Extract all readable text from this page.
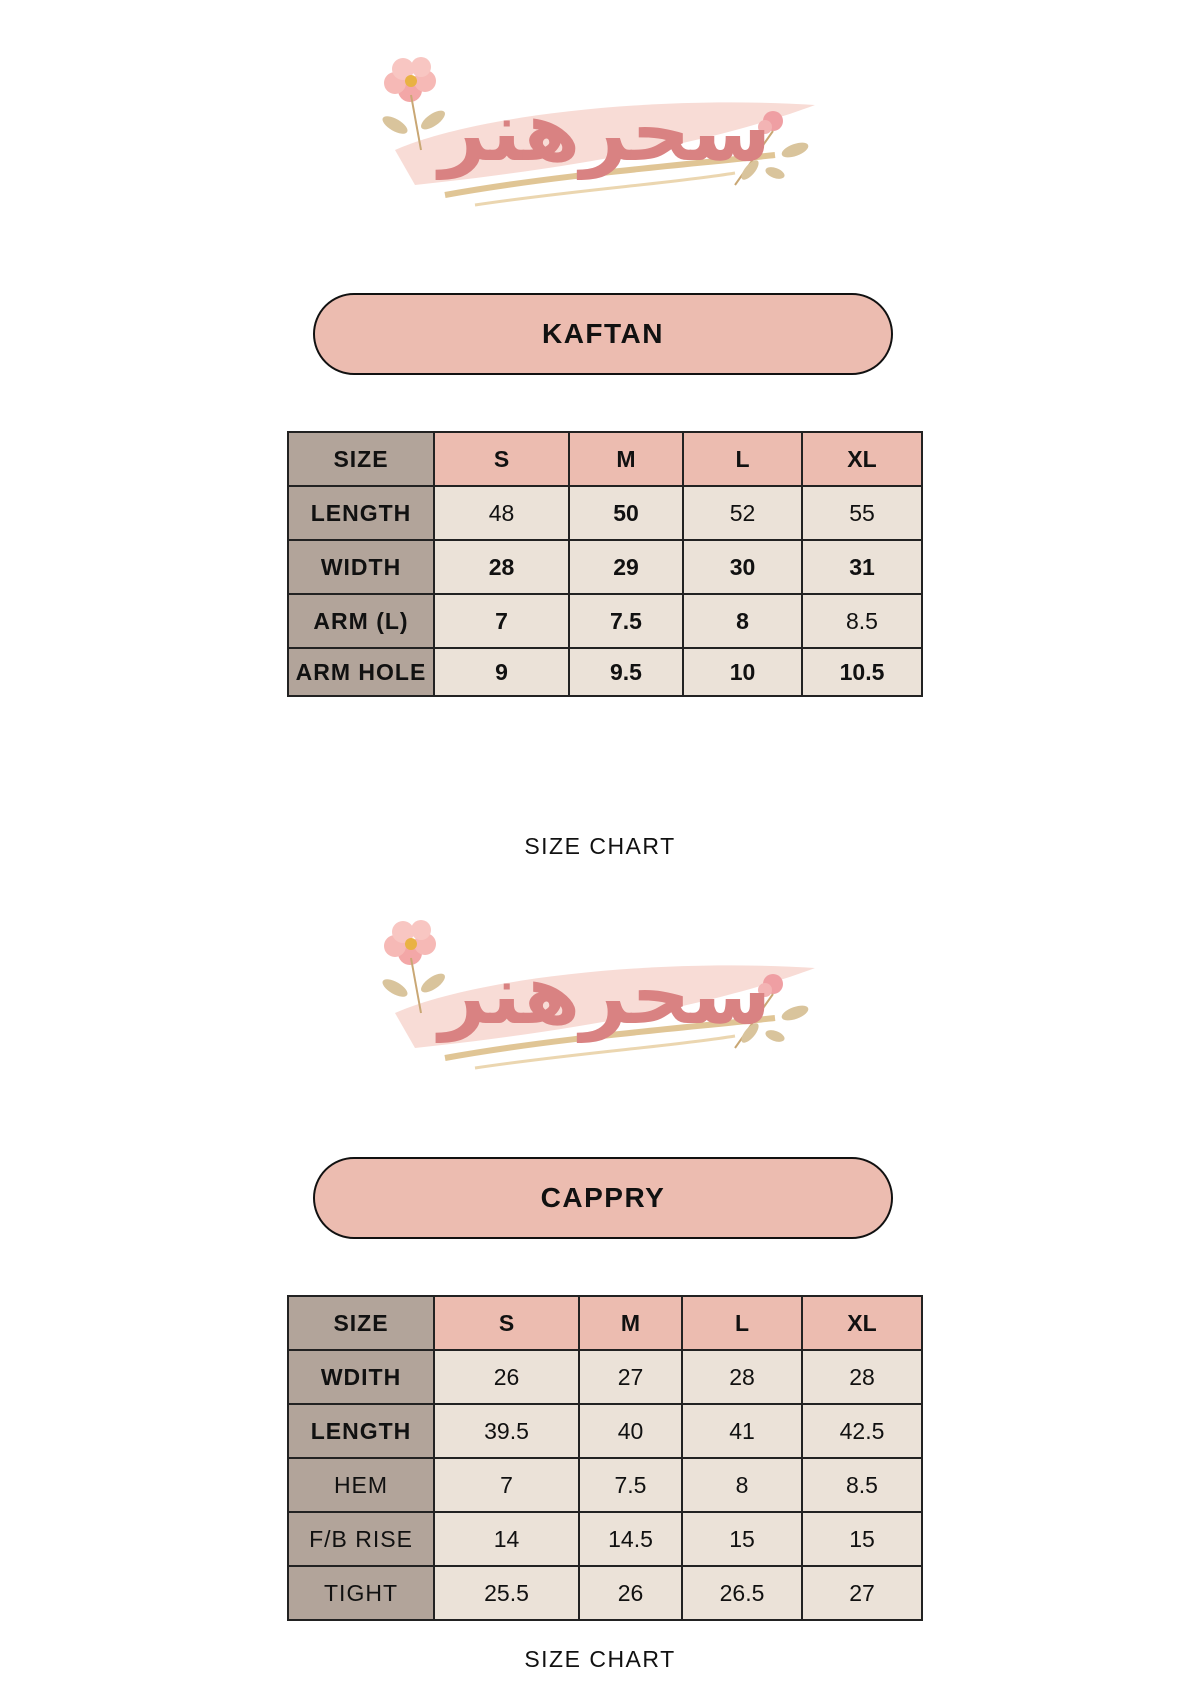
سحرهنر
KAFTAN
SIZE	S	M	L	XL
LENGTH	48	50	52	55
WIDTH	28	29	30	31
ARM (L)	7	7.5	8	8.5
ARM HOLE	9	9.5	10	10.5
SIZE CHART
سحرهنر
CAPPRY
SIZE	S	M	L	XL
WDITH	26	27	28	28
LENGTH	39.5	40	41	42.5
HEM	7	7.5	8	8.5
F/B RISE	14	14.5	15	15
TIGHT	25.5	26	26.5	27
SIZE CHART
